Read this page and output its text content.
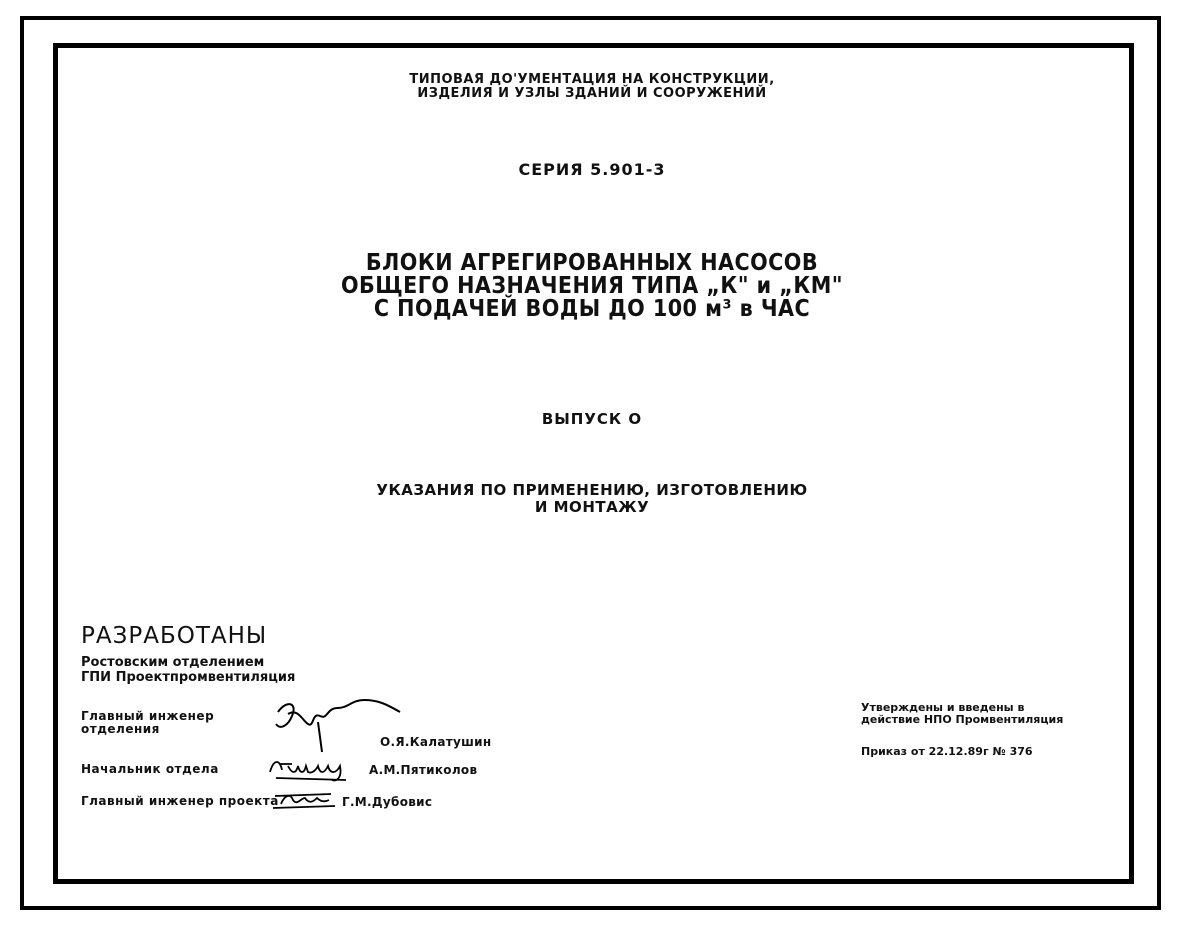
ТИПОВАЯ ДО'УМЕНТАЦИЯ НА КОНСТРУКЦИИ,
ИЗДЕЛИЯ И УЗЛЫ ЗДАНИЙ И СООРУЖЕНИЙ
СЕРИЯ 5.901-3
БЛОКИ АГРЕГИРОВАННЫХ НАСОСОВ
ОБЩЕГО НАЗНАЧЕНИЯ ТИПА „К" и „КМ"
С ПОДАЧЕЙ ВОДЫ ДО 100 м³ в ЧАС
ВЫПУСК О
УКАЗАНИЯ ПО ПРИМЕНЕНИЮ, ИЗГОТОВЛЕНИЮ
И МОНТАЖУ
РАЗРАБОТАНЫ
Ростовским отделением
ГПИ Проектпромвентиляция
Главный инженер
отделения
О.Я.Калатушин
Начальник отдела	А.М.Пятиколов
Главный инженер проекта	Г.М.Дубовис
Утверждены и введены в
действие НПО Промвентиляция
Приказ от 22.12.89г № 376
